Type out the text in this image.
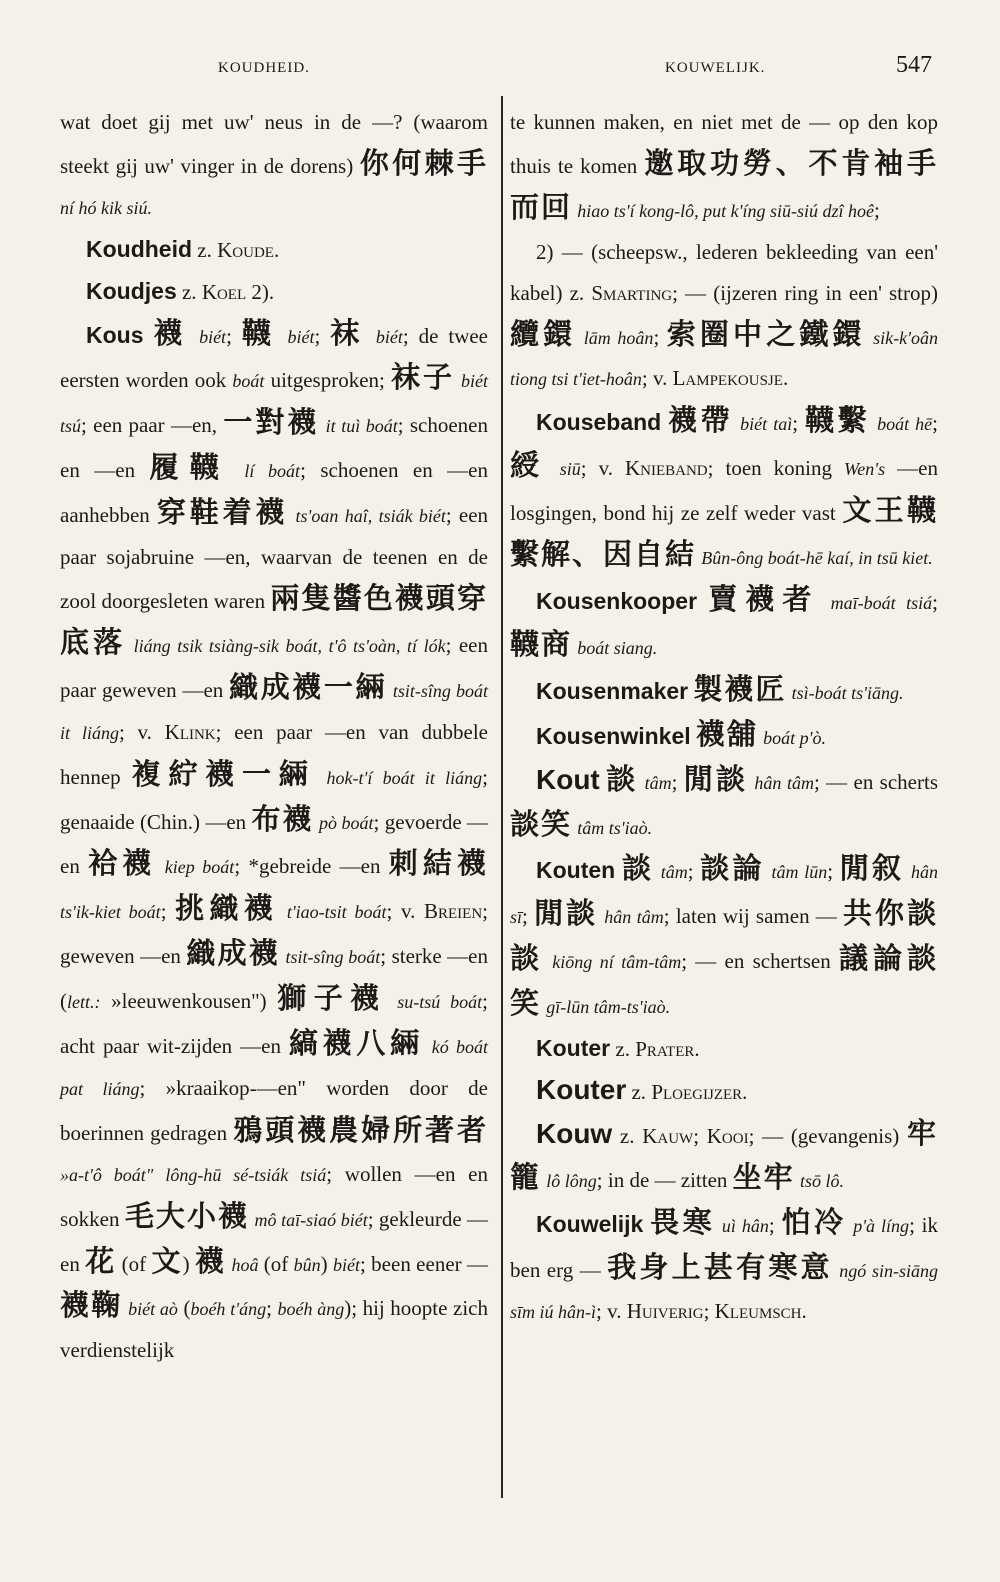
KOUDHEID.	KOUWELIJK.	547

wat doet gij met uw' neus in de —? (waarom steekt gij uw' vinger in de dorens) 你何棘手 ní hó kik siú.

Koudheid z. Koude.

Koudjes z. Koel 2).

Kous 襪 biét; 韈 biét; 袜 biét; de twee eersten worden ook boát uitgesproken; 袜子 biét tsú; een paar —en, 一對襪 it tuì boát; schoenen en —en 履韈 lí boát; schoenen en —en aanhebben 穿鞋着襪 ts'oan haî, tsiák biét; een paar sojabruine —en, waarvan de teenen en de zool doorgesleten waren 兩隻醬色襪頭穿底落 liáng tsik tsiàng-sik boát, t'ô ts'oàn, tí lók; een paar geweven —en 織成襪一緉 tsit-sîng boát it liáng; v. Klink; een paar —en van dubbele hennep 複紵襪一緉 hok-t'í boát it liáng; genaaide (Chin.) —en 布襪 pò boát; gevoerde —en 袷襪 kiep boát; *gebreide —en 刺結襪 ts'ik-kiet boát; 挑織襪 t'iao-tsit boát; v. Breien; geweven —en 織成襪 tsit-sîng boát; sterke —en (lett.: »leeuwenkousen") 獅子襪 su-tsú boát; acht paar wit-zijden —en 縞襪八緉 kó boát pat liáng; »kraaikop-—en" worden door de boerinnen gedragen 鴉頭襪農婦所著者 »a-t'ô boát" lông-hū sé-tsiák tsiá; wollen —en en sokken 毛大小襪 mô taī-siaó biét; gekleurde —en 花 (of 文) 襪 hoâ (of bûn) biét; been eener — 襪鞠 biét aò (boéh t'áng; boéh àng); hij hoopte zich verdienstelijk

te kunnen maken, en niet met de — op den kop thuis te komen 邀取功勞、不肯袖手而回 hiao ts'í kong-lô, put k'íng siū-siú dzî hoê;

2) — (scheepsw., lederen bekleeding van een' kabel) z. Smarting; — (ijzeren ring in een' strop) 纜鐶 lām hoân; 索圈中之鐵鐶 sik-k'oân tiong tsi t'iet-hoân; v. Lampekousje.

Kouseband 襪帶 biét taì; 韈繫 boát hē; 綬 siū; v. Knieband; toen koning Wen's —en losgingen, bond hij ze zelf weder vast 文王韈繫解、因自結 Bûn-ông boát-hē kaí, in tsū kiet.

Kousenkooper 賣襪者 maī-boát tsiá; 韈商 boát siang.

Kousenmaker 製襪匠 tsì-boát ts'iāng.

Kousenwinkel 襪舖 boát p'ò.

Kout 談 tâm; 閒談 hân tâm; — en scherts 談笑 tâm ts'iaò.

Kouten 談 tâm; 談論 tâm lūn; 閒叙 hân sī; 閒談 hân tâm; laten wij samen — 共你談談 kiōng ní tâm-tâm; — en schertsen 議論談笑 gī-lūn tâm-ts'iaò.

Kouter z. Prater.

Kouter z. Ploegijzer.

Kouw z. Kauw; Kooi; — (gevangenis) 牢籠 lô lông; in de — zitten 坐牢 tsō lô.

Kouwelijk 畏寒 uì hân; 怕冷 p'à líng; ik ben erg — 我身上甚有寒意 ngó sin-siāng sīm iú hân-ì; v. Huiverig; Kleumsch.
